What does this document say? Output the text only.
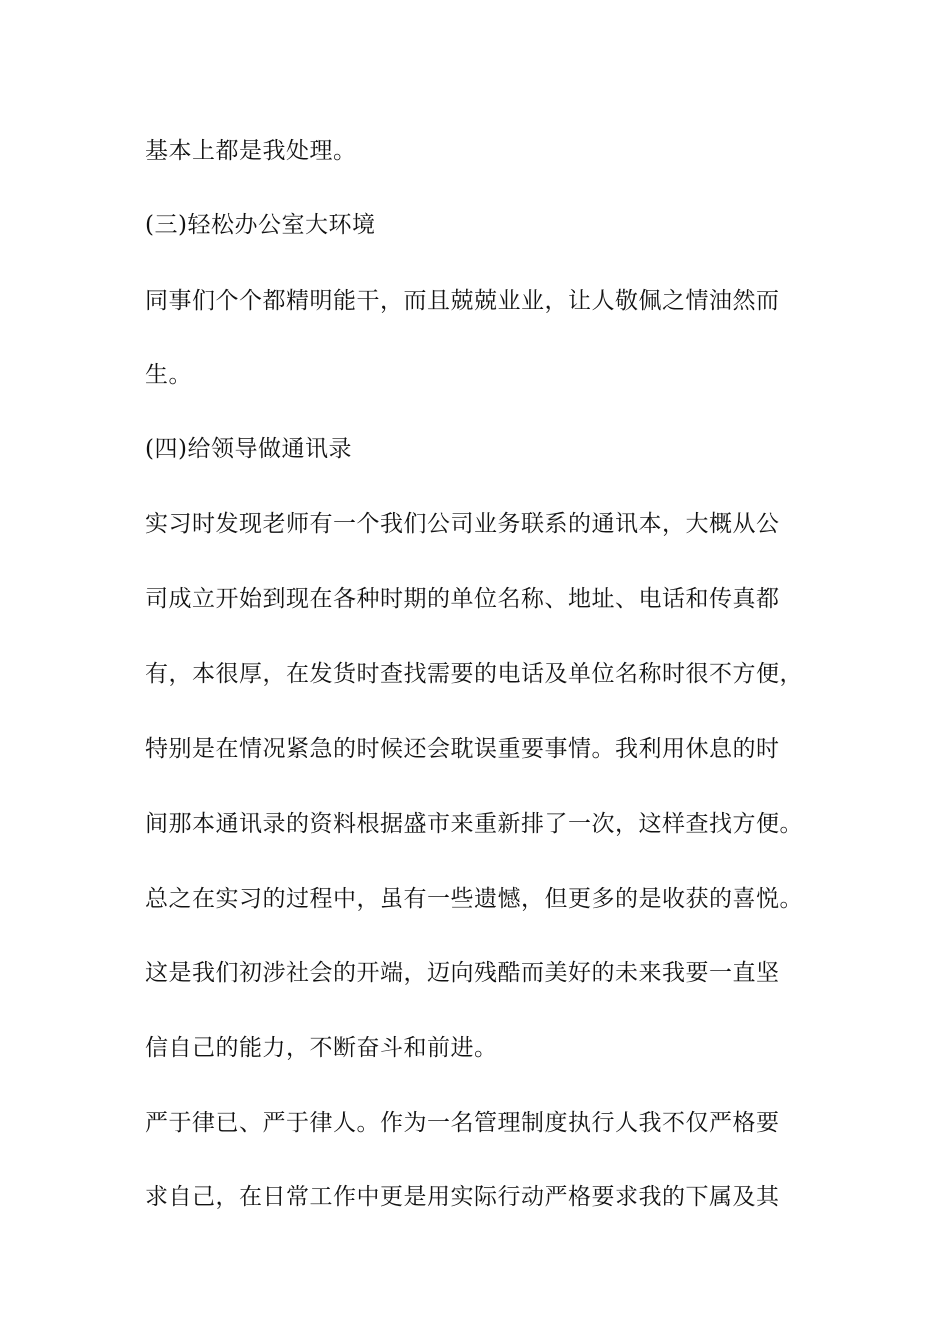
基本上都是我处理。
(三)轻松办公室大环境
同事们个个都精明能干，而且兢兢业业，让人敬佩之情油然而
生。
(四)给领导做通讯录
实习时发现老师有一个我们公司业务联系的通讯本，大概从公
司成立开始到现在各种时期的单位名称、地址、电话和传真都
有，本很厚，在发货时查找需要的电话及单位名称时很不方便，
特别是在情况紧急的时候还会耽误重要事情。我利用休息的时
间那本通讯录的资料根据盛市来重新排了一次，这样查找方便。
总之在实习的过程中，虽有一些遗憾，但更多的是收获的喜悦。
这是我们初涉社会的开端，迈向残酷而美好的未来我要一直坚
信自己的能力，不断奋斗和前进。
严于律已、严于律人。作为一名管理制度执行人我不仅严格要
求自己，在日常工作中更是用实际行动严格要求我的下属及其
